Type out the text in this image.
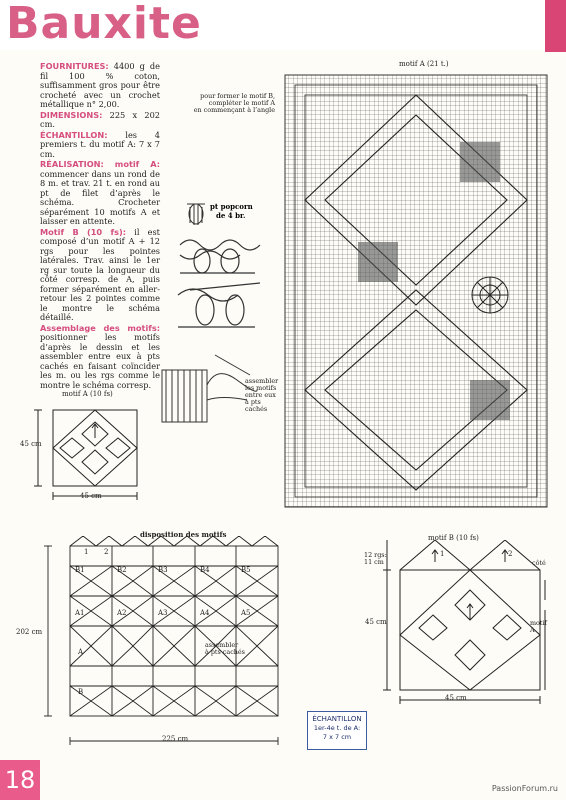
Bauxite

FOURNITURES: 4400 g de fil 100 % coton, suffisamment gros pour être crocheté avec un crochet métallique n° 2,00.

DIMENSIONS: 225 x 202 cm.

ÉCHANTILLON: les 4 premiers t. du motif A: 7 x 7 cm.

RÉALISATION: motif A: commencer dans un rond de 8 m. et trav. 21 t. en rond au pt de filet d’après le schéma. Crocheter séparément 10 motifs A et laisser en attente.

Motif B (10 fs): il est composé d’un motif A + 12 rgs pour les pointes latérales. Trav. ainsi le 1er rg sur toute la longueur du côté corresp. de A, puis former séparément en aller-retour les 2 pointes comme le montre le schéma détaillé.

Assemblage des motifs: positionner les motifs d’après le dessin et les assembler entre eux à pts cachés en faisant coïncider les m. ou les rgs comme le montre le schéma corresp.

pt popcorn
de 4 br.
assembler
les motifs
entre eux
à pts
cachés
motif A (21 t.)
pour former le motif B,
compléter le motif A
en commençant à l’angle
motif A (10 fs)
45 cm
45 cm
disposition des motifs
B1	B2	B3	B4	B5
A1	A2	A3	A4	A5
A
B
1 2
assembler
à pts cachés
202 cm
225 cm
motif B (10 fs)
1	2
12 rgs:
11 cm
45 cm
45 cm
côté
motif
A
ÉCHANTILLON
1er-4e t. de A:
7 x 7 cm
18	PassionForum.ru
